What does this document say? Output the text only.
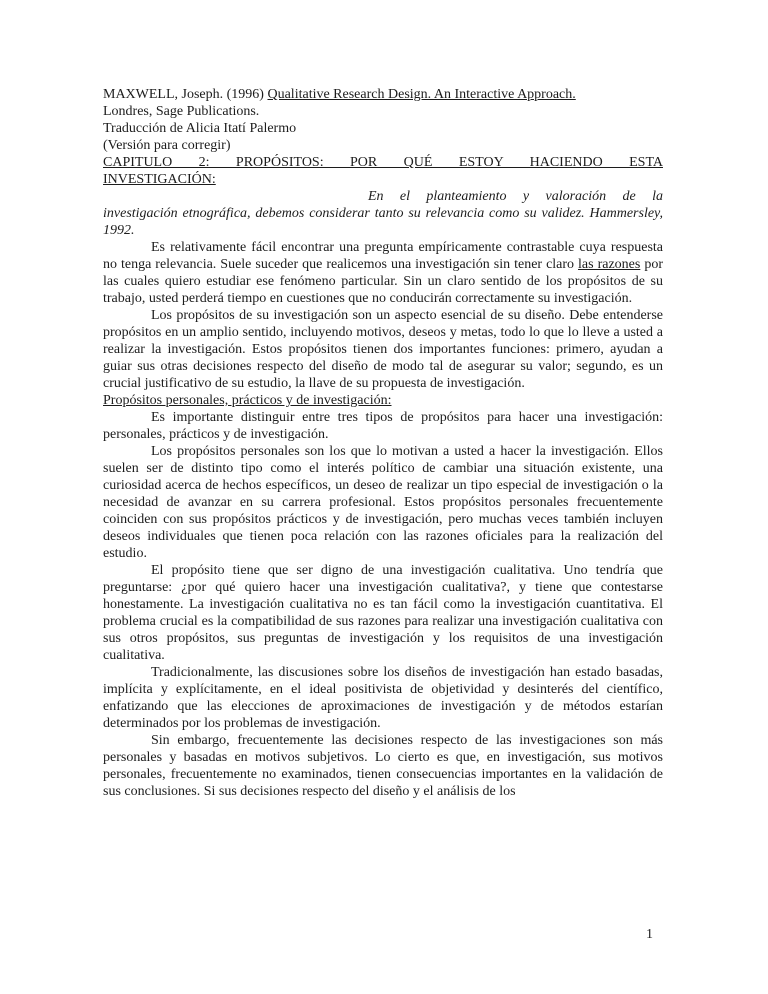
MAXWELL, Joseph. (1996) Qualitative Research Design. An Interactive Approach.

Londres, Sage Publications.

Traducción de Alicia Itatí Palermo

(Versión para corregir)

CAPITULO 2: PROPÓSITOS: POR QUÉ ESTOY HACIENDO ESTA
INVESTIGACIÓN:

En el planteamiento y valoración de la investigación etnográfica, debemos considerar tanto su relevancia como su validez. Hammersley, 1992.

Es relativamente fácil encontrar una pregunta empíricamente contrastable cuya respuesta no tenga relevancia. Suele suceder que realicemos una investigación sin tener claro las razones por las cuales quiero estudiar ese fenómeno particular. Sin un claro sentido de los propósitos de su trabajo, usted perderá tiempo en cuestiones que no conducirán correctamente su investigación.

Los propósitos de su investigación son un aspecto esencial de su diseño. Debe entenderse propósitos en un amplio sentido, incluyendo motivos, deseos y metas, todo lo que lo lleve a usted a realizar la investigación. Estos propósitos tienen dos importantes funciones: primero, ayudan a guiar sus otras decisiones respecto del diseño de modo tal de asegurar su valor; segundo, es un crucial justificativo de su estudio, la llave de su propuesta de investigación.

Propósitos personales, prácticos y de investigación:

Es importante distinguir entre tres tipos de propósitos para hacer una investigación: personales, prácticos y de investigación.

Los propósitos personales son los que lo motivan a usted a hacer la investigación. Ellos suelen ser de distinto tipo como el interés político de cambiar una situación existente, una curiosidad acerca de hechos específicos, un deseo de realizar un tipo especial de investigación o la necesidad de avanzar en su carrera profesional. Estos propósitos personales frecuentemente coinciden con sus propósitos prácticos y de investigación, pero muchas veces también incluyen deseos individuales que tienen poca relación con las razones oficiales para la realización del estudio.

El propósito tiene que ser digno de una investigación cualitativa. Uno tendría que preguntarse: ¿por qué quiero hacer una investigación cualitativa?, y tiene que contestarse honestamente. La investigación cualitativa no es tan fácil como la investigación cuantitativa. El problema crucial es la compatibilidad de sus razones para realizar una investigación cualitativa con sus otros propósitos, sus preguntas de investigación y los requisitos de una investigación cualitativa.

Tradicionalmente, las discusiones sobre los diseños de investigación han estado basadas, implícita y explícitamente, en el ideal positivista de objetividad y desinterés del científico, enfatizando que las elecciones de aproximaciones de investigación y de métodos estarían determinados por los problemas de investigación.

Sin embargo, frecuentemente las decisiones respecto de las investigaciones son más personales y basadas en motivos subjetivos. Lo cierto es que, en investigación, sus motivos personales, frecuentemente no examinados, tienen consecuencias importantes en la validación de sus conclusiones. Si sus decisiones respecto del diseño y el análisis de los

1
